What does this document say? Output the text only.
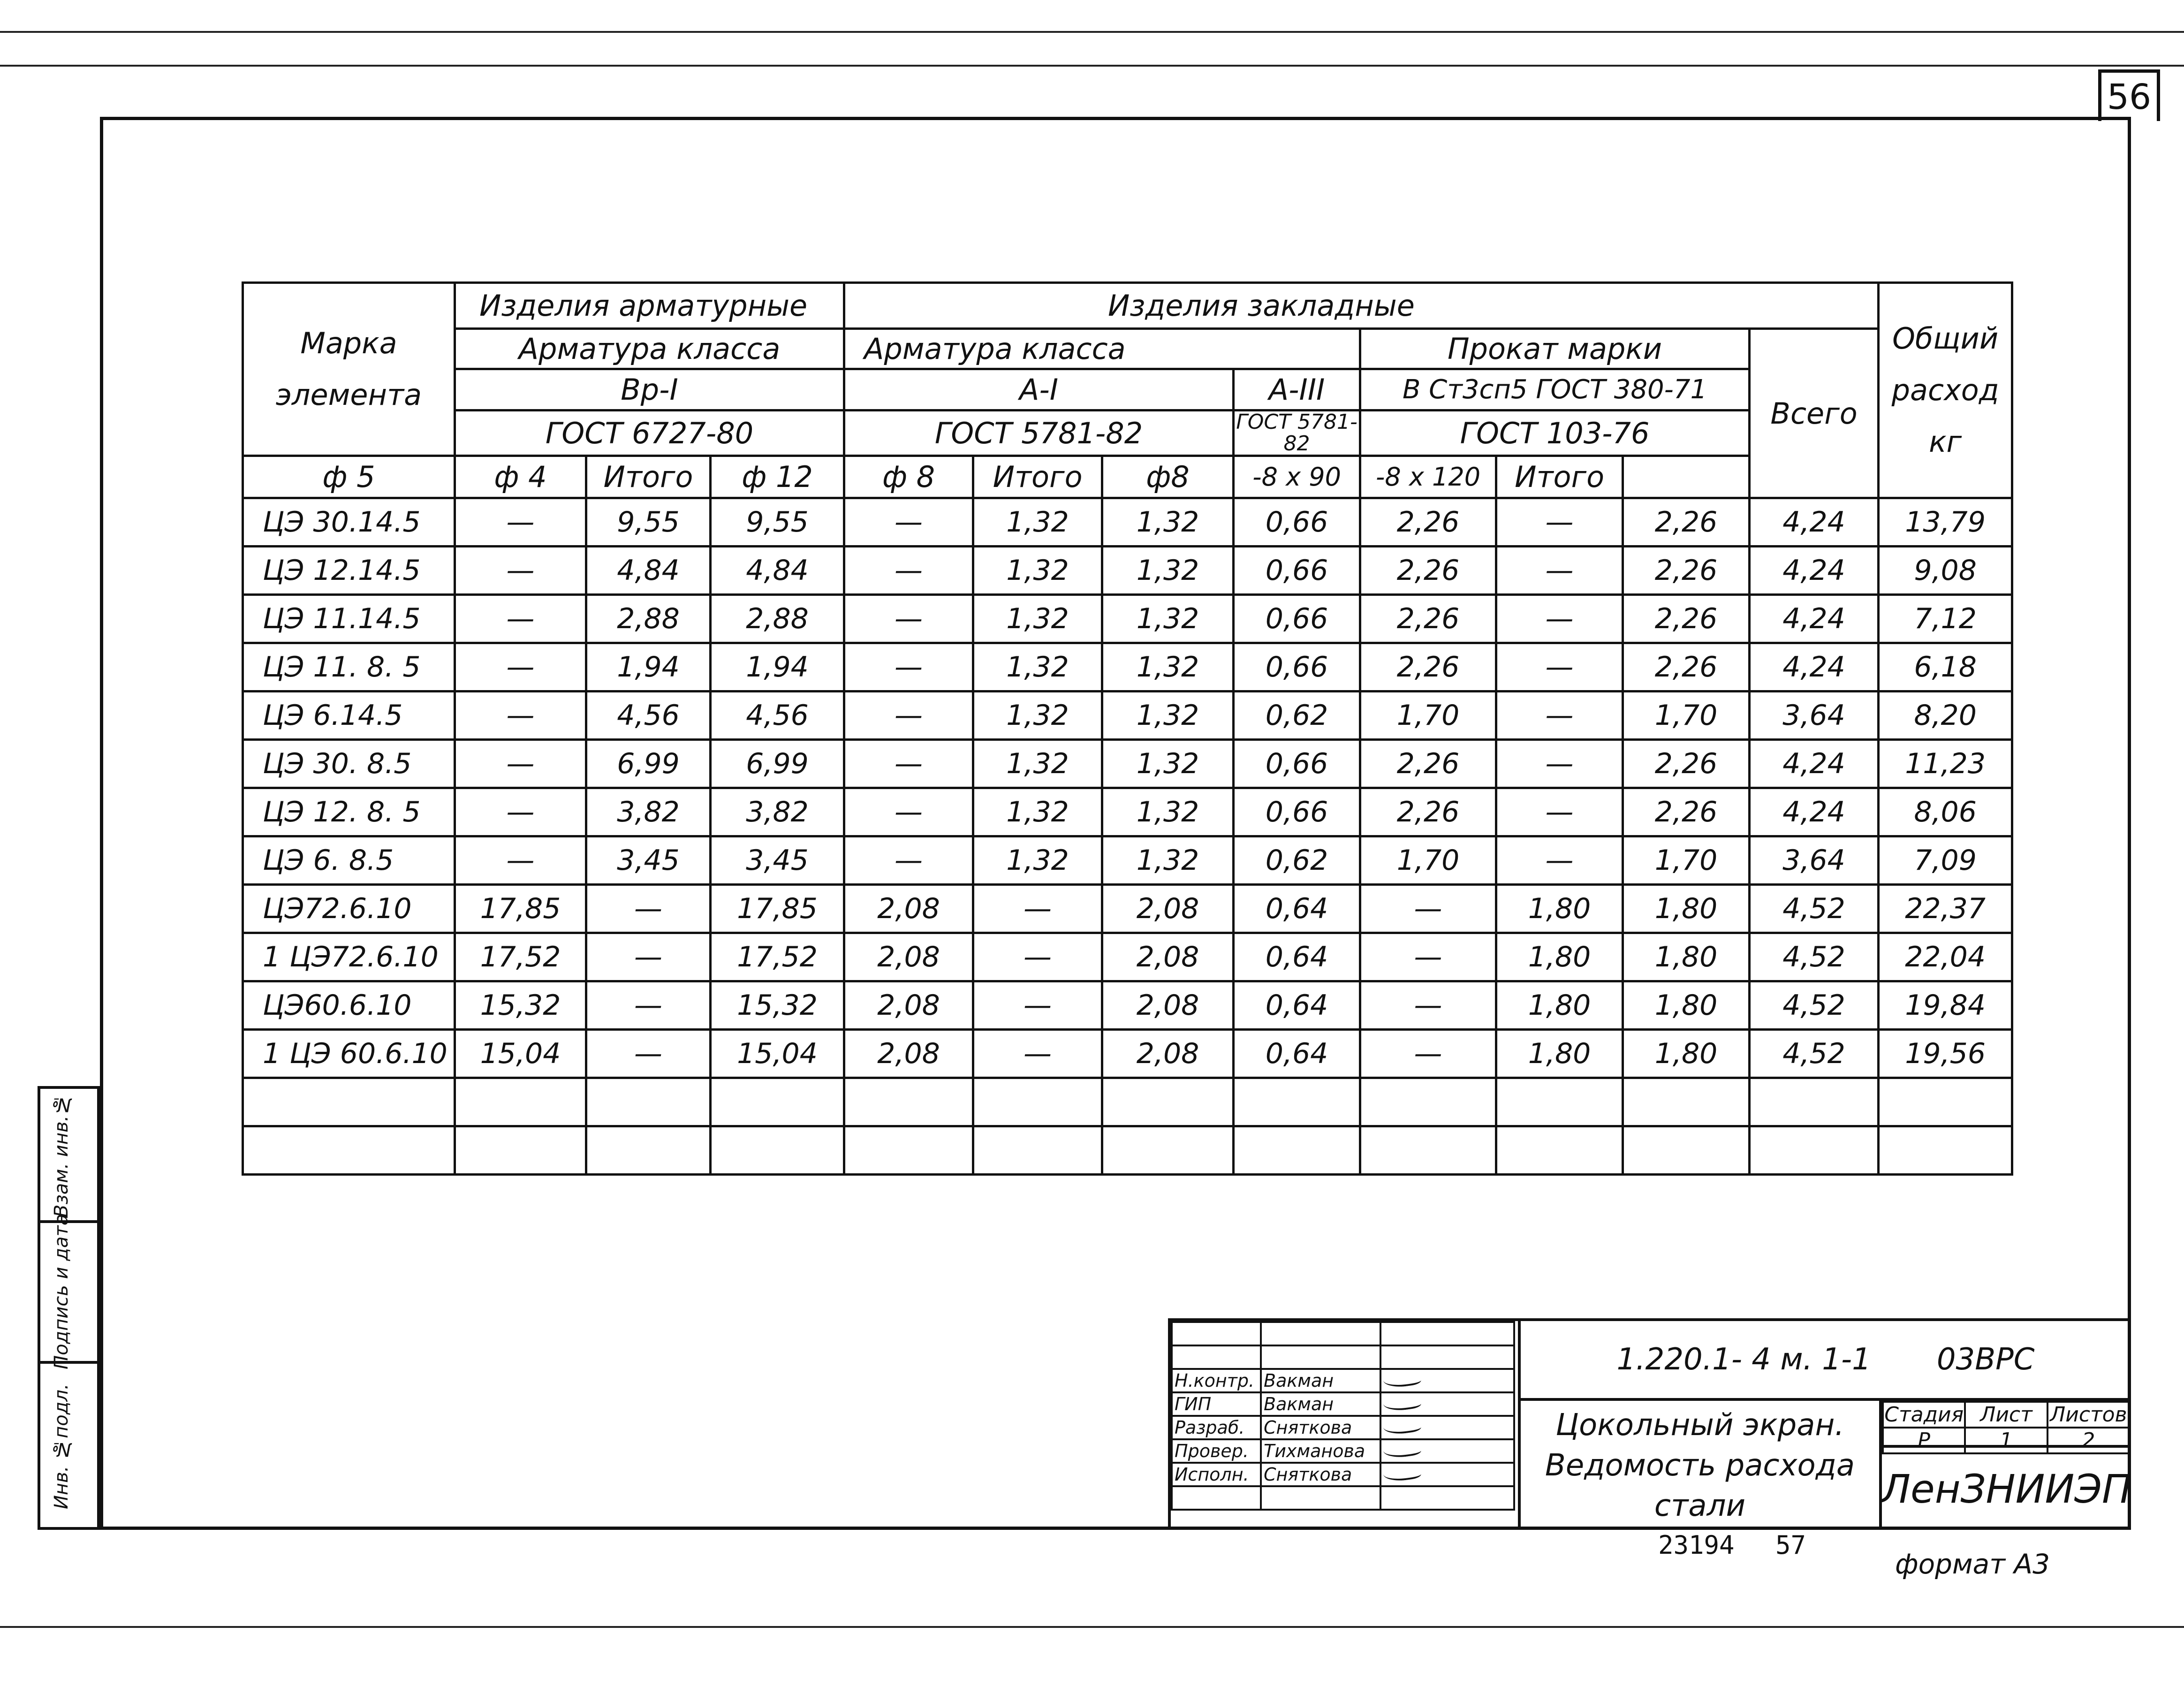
56
Инв. №подл.
Подпись и дата
Взам. инв.№
Марка
элемента	Изделия арматурные			Изделия закладные								Общий
расход
кг
	Арматура класса			Арматура класса				Прокат марки			Всего	
	Вр-I			А-I			А-III	В Ст3сп5 ГОСТ 380-71				
	ГОСТ 6727-80			ГОСТ 5781-82			ГОСТ 5781-82	ГОСТ 103-76				
ф 5	ф 4	Итого	ф 12	ф 8	Итого	ф8	-8 х 90	-8 х 120	Итого			
ЦЭ 30.14.5	—	9,55	9,55	—	1,32	1,32	0,66	2,26	—	2,26	4,24	13,79
ЦЭ 12.14.5	—	4,84	4,84	—	1,32	1,32	0,66	2,26	—	2,26	4,24	9,08
ЦЭ 11.14.5	—	2,88	2,88	—	1,32	1,32	0,66	2,26	—	2,26	4,24	7,12
ЦЭ 11. 8. 5	—	1,94	1,94	—	1,32	1,32	0,66	2,26	—	2,26	4,24	6,18
ЦЭ 6.14.5	—	4,56	4,56	—	1,32	1,32	0,62	1,70	—	1,70	3,64	8,20
ЦЭ 30. 8.5	—	6,99	6,99	—	1,32	1,32	0,66	2,26	—	2,26	4,24	11,23
ЦЭ 12. 8. 5	—	3,82	3,82	—	1,32	1,32	0,66	2,26	—	2,26	4,24	8,06
ЦЭ 6. 8.5	—	3,45	3,45	—	1,32	1,32	0,62	1,70	—	1,70	3,64	7,09
ЦЭ72.6.10	17,85	—	17,85	2,08	—	2,08	0,64	—	1,80	1,80	4,52	22,37
1 ЦЭ72.6.10	17,52	—	17,52	2,08	—	2,08	0,64	—	1,80	1,80	4,52	22,04
ЦЭ60.6.10	15,32	—	15,32	2,08	—	2,08	0,64	—	1,80	1,80	4,52	19,84
1 ЦЭ 60.6.10	15,04	—	15,04	2,08	—	2,08	0,64	—	1,80	1,80	4,52	19,56

Н.контр.	Вакман	
ГИП	Вакман	
Разраб.	Сняткова	
Провер.	Тихманова	
Исполн.	Сняткова	

1.220.1- 4 м. 1-1 03ВРС
Цокольный экран.
Ведомость расхода
стали
Стадия	Лист	Листов
Р	1	2
ЛенЗНИИЭП
23194 57
формат А3
